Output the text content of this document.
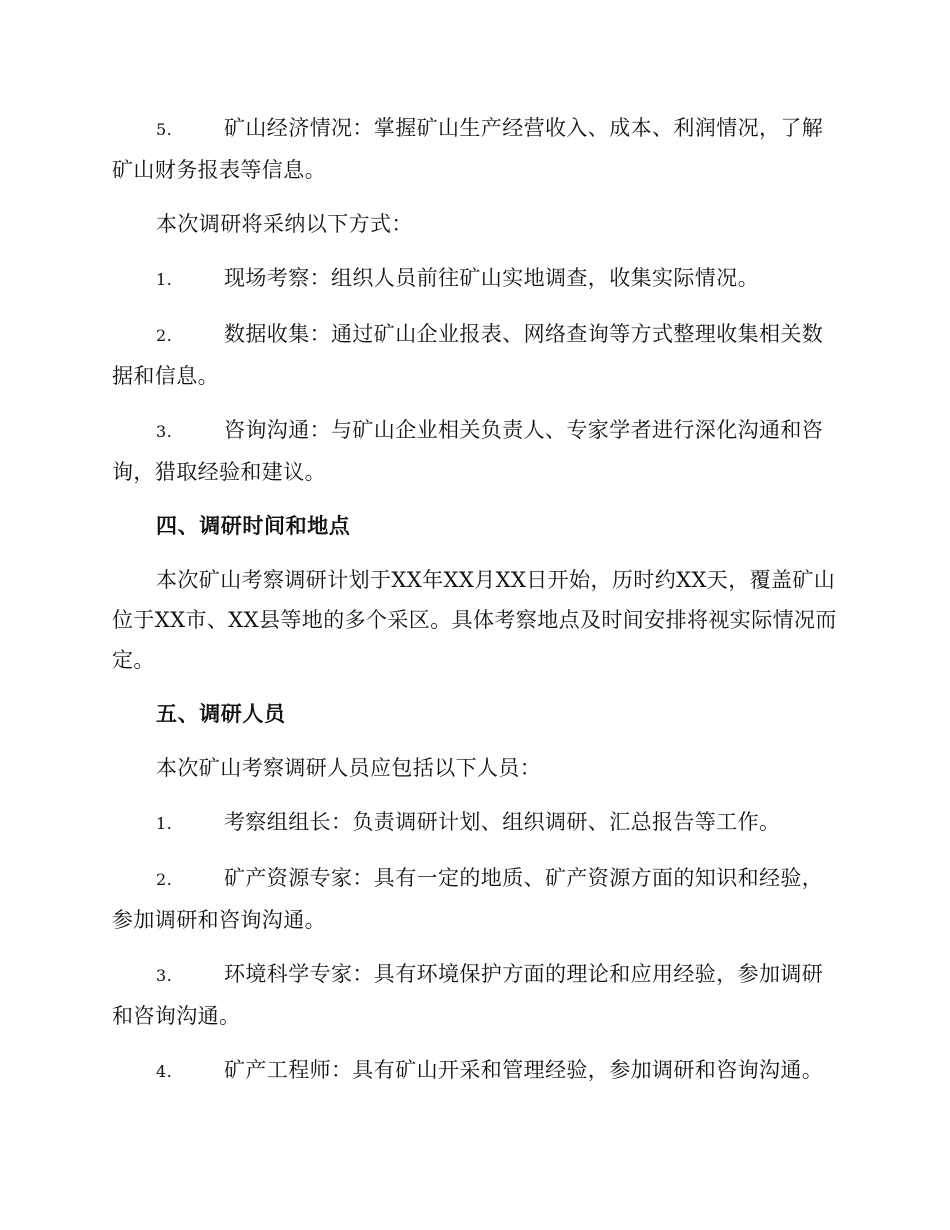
5. 矿山经济情况：掌握矿山生产经营收入、成本、利润情况，了解矿山财务报表等信息。

本次调研将采纳以下方式：

1. 现场考察：组织人员前往矿山实地调查，收集实际情况。

2. 数据收集：通过矿山企业报表、网络查询等方式整理收集相关数据和信息。

3. 咨询沟通：与矿山企业相关负责人、专家学者进行深化沟通和咨询，猎取经验和建议。

四、调研时间和地点

本次矿山考察调研计划于XX年XX月XX日开始，历时约XX天，覆盖矿山位于XX市、XX县等地的多个采区。具体考察地点及时间安排将视实际情况而定。

五、调研人员

本次矿山考察调研人员应包括以下人员：

1. 考察组组长：负责调研计划、组织调研、汇总报告等工作。

2. 矿产资源专家：具有一定的地质、矿产资源方面的知识和经验，参加调研和咨询沟通。

3. 环境科学专家：具有环境保护方面的理论和应用经验，参加调研和咨询沟通。

4. 矿产工程师：具有矿山开采和管理经验，参加调研和咨询沟通。
